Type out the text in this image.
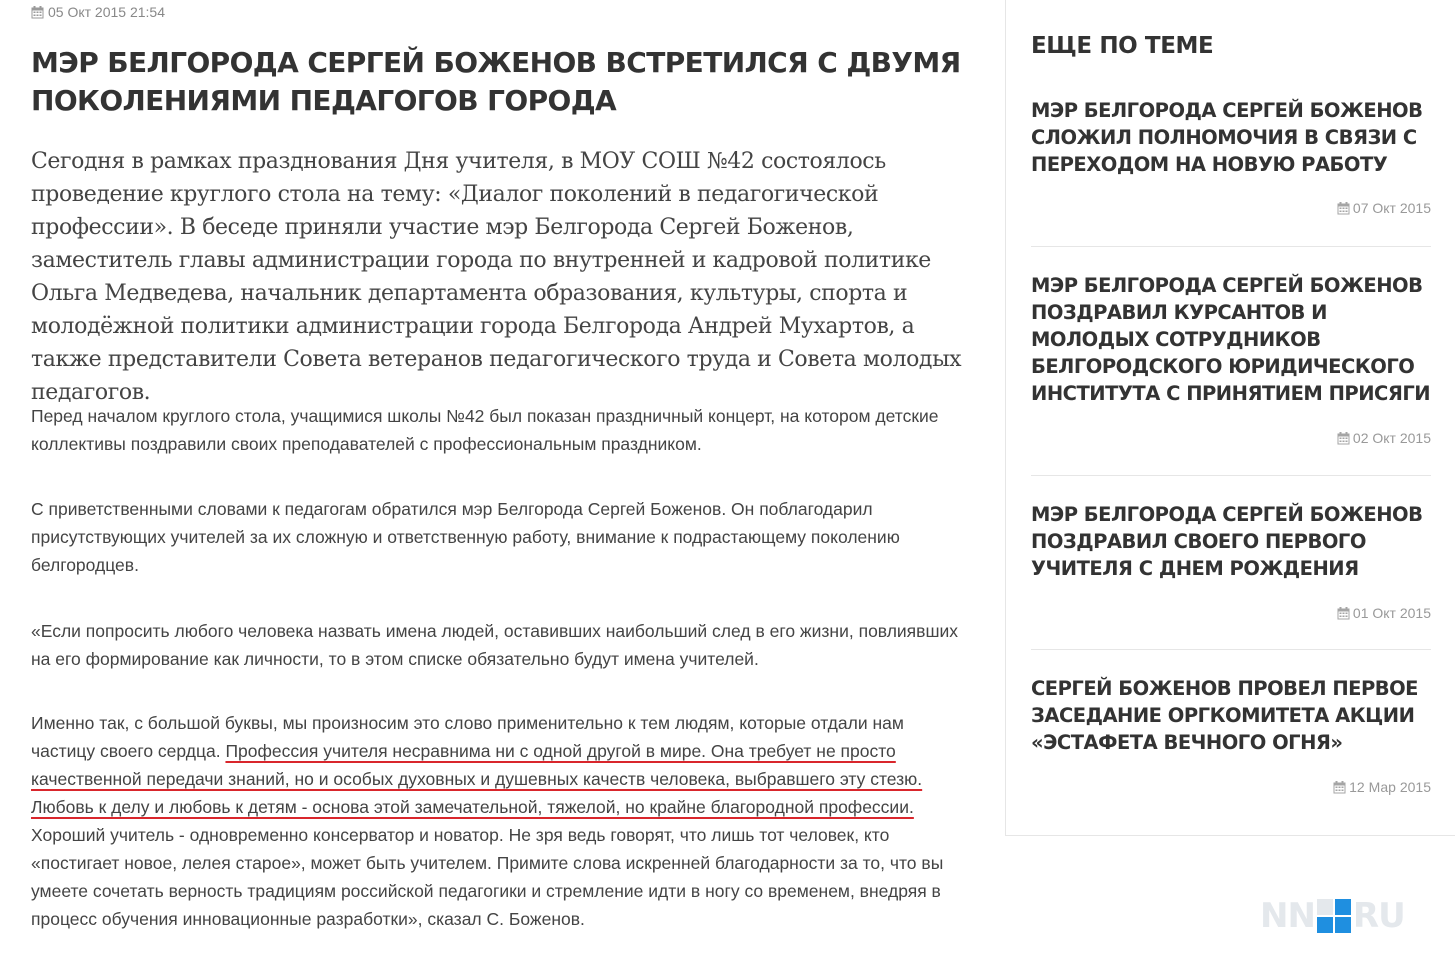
05 Окт 2015 21:54
МЭР БЕЛГОРОДА СЕРГЕЙ БОЖЕНОВ ВСТРЕТИЛСЯ С ДВУМЯ ПОКОЛЕНИЯМИ ПЕДАГОГОВ ГОРОДА

Сегодня в рамках празднования Дня учителя, в МОУ СОШ №42 состоялось проведение круглого стола на тему: «Диалог поколений в педагогической профессии». В беседе приняли участие мэр Белгорода Сергей Боженов, заместитель главы администрации города по внутренней и кадровой политике Ольга Медведева, начальник департамента образования, культуры, спорта и молодёжной политики администрации города Белгорода Андрей Мухартов, а также представители Совета ветеранов педагогического труда и Совета молодых педагогов.

Перед началом круглого стола, учащимися школы №42 был показан праздничный концерт, на котором детские коллективы поздравили своих преподавателей с профессиональным праздником.

С приветственными словами к педагогам обратился мэр Белгорода Сергей Боженов. Он поблагодарил присутствующих учителей за их сложную и ответственную работу, внимание к подрастающему поколению белгородцев.

«Если попросить любого человека назвать имена людей, оставивших наибольший след в его жизни, повлиявших на его формирование как личности, то в этом списке обязательно будут имена учителей.

Именно так, с большой буквы, мы произносим это слово применительно к тем людям, которые отдали нам частицу своего сердца. Профессия учителя несравнима ни с одной другой в мире. Она требует не просто качественной передачи знаний, но и особых духовных и душевных качеств человека, выбравшего эту стезю. Любовь к делу и любовь к детям - основа этой замечательной, тяжелой, но крайне благородной профессии. Хороший учитель - одновременно консерватор и новатор. Не зря ведь говорят, что лишь тот человек, кто «постигает новое, лелея старое», может быть учителем. Примите слова искренней благодарности за то, что вы умеете сочетать верность традициям российской педагогики и стремление идти в ногу со временем, внедряя в процесс обучения инновационные разработки», сказал С. Боженов.

ЕЩЕ ПО ТЕМЕ
МЭР БЕЛГОРОДА СЕРГЕЙ БОЖЕНОВ СЛОЖИЛ ПОЛНОМОЧИЯ В СВЯЗИ С ПЕРЕХОДОМ НА НОВУЮ РАБОТУ
07 Окт 2015
МЭР БЕЛГОРОДА СЕРГЕЙ БОЖЕНОВ ПОЗДРАВИЛ КУРСАНТОВ И МОЛОДЫХ СОТРУДНИКОВ БЕЛГОРОДСКОГО ЮРИДИЧЕСКОГО ИНСТИТУТА С ПРИНЯТИЕМ ПРИСЯГИ
02 Окт 2015
МЭР БЕЛГОРОДА СЕРГЕЙ БОЖЕНОВ ПОЗДРАВИЛ СВОЕГО ПЕРВОГО УЧИТЕЛЯ С ДНЕМ РОЖДЕНИЯ
01 Окт 2015
СЕРГЕЙ БОЖЕНОВ ПРОВЕЛ ПЕРВОЕ ЗАСЕДАНИЕ ОРГКОМИТЕТА АКЦИИ «ЭСТАФЕТА ВЕЧНОГО ОГНЯ»
12 Мар 2015
NN RU
